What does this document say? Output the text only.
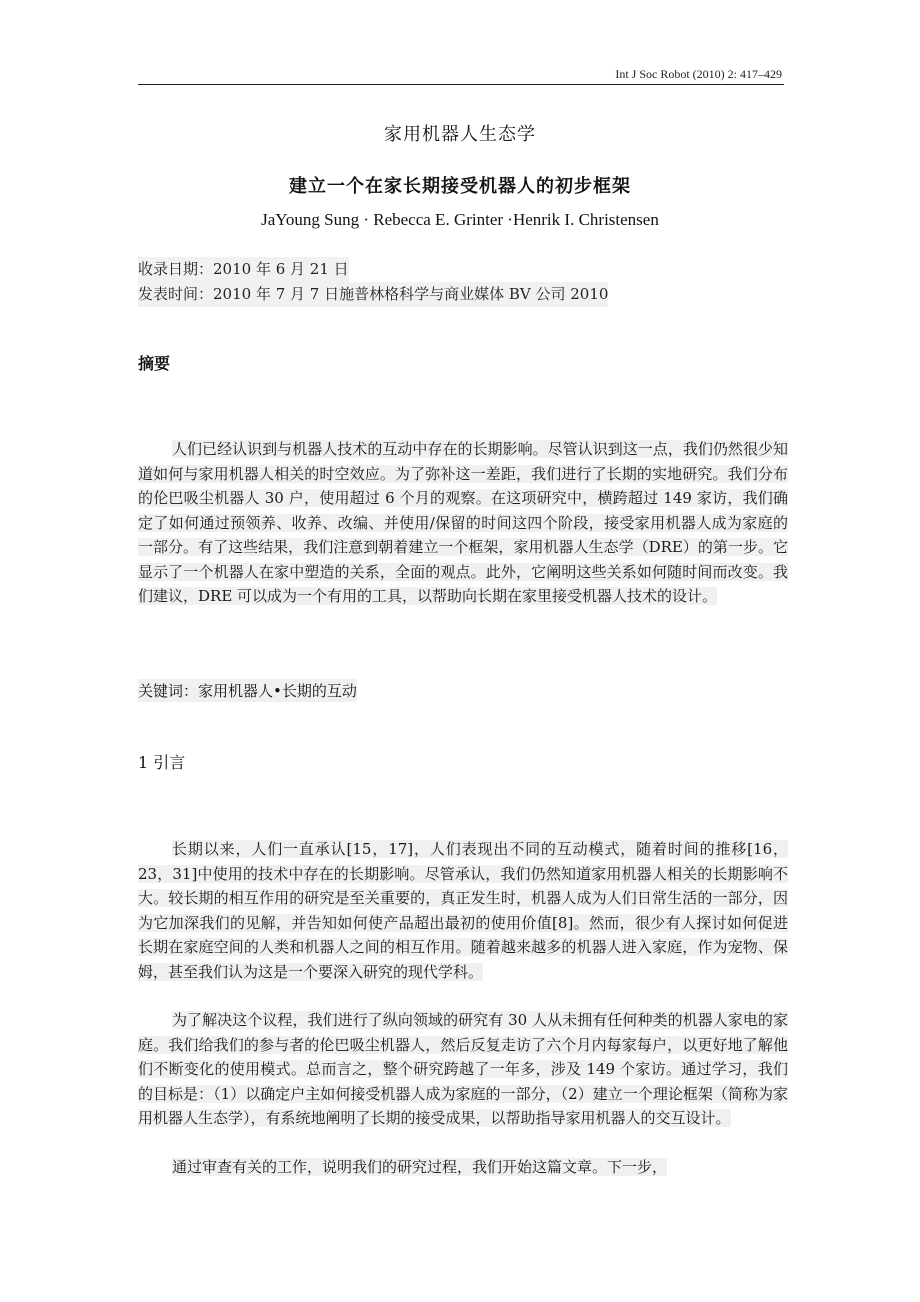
Int J Soc Robot (2010) 2: 417–429
家用机器人生态学
建立一个在家长期接受机器人的初步框架
JaYoung Sung · Rebecca E. Grinter ·Henrik I. Christensen
收录日期：2010 年 6 月 21 日
发表时间：2010 年 7 月 7 日施普林格科学与商业媒体 BV 公司 2010
摘要

人们已经认识到与机器人技术的互动中存在的长期影响。尽管认识到这一点，我们仍然很少知道如何与家用机器人相关的时空效应。为了弥补这一差距，我们进行了长期的实地研究。我们分布的伦巴吸尘机器人 30 户，使用超过 6 个月的观察。在这项研究中，横跨超过 149 家访，我们确定了如何通过预领养、收养、改编、并使用/保留的时间这四个阶段，接受家用机器人成为家庭的一部分。有了这些结果，我们注意到朝着建立一个框架，家用机器人生态学（DRE）的第一步。它显示了一个机器人在家中塑造的关系，全面的观点。此外，它阐明这些关系如何随时间而改变。我们建议，DRE 可以成为一个有用的工具，以帮助向长期在家里接受机器人技术的设计。

关键词：家用机器人•长期的互动
1 引言

长期以来，人们一直承认[15，17]，人们表现出不同的互动模式，随着时间的推移[16，23，31]中使用的技术中存在的长期影响。尽管承认，我们仍然知道家用机器人相关的长期影响不大。较长期的相互作用的研究是至关重要的，真正发生时，机器人成为人们日常生活的一部分，因为它加深我们的见解，并告知如何使产品超出最初的使用价值[8]。然而，很少有人探讨如何促进长期在家庭空间的人类和机器人之间的相互作用。随着越来越多的机器人进入家庭，作为宠物、保姆，甚至我们认为这是一个要深入研究的现代学科。

为了解决这个议程，我们进行了纵向领域的研究有 30 人从未拥有任何种类的机器人家电的家庭。我们给我们的参与者的伦巴吸尘机器人，然后反复走访了六个月内每家每户，以更好地了解他们不断变化的使用模式。总而言之，整个研究跨越了一年多，涉及 149 个家访。通过学习，我们的目标是：（1）以确定户主如何接受机器人成为家庭的一部分，（2）建立一个理论框架（简称为家用机器人生态学），有系统地阐明了长期的接受成果，以帮助指导家用机器人的交互设计。

通过审查有关的工作，说明我们的研究过程，我们开始这篇文章。下一步，
